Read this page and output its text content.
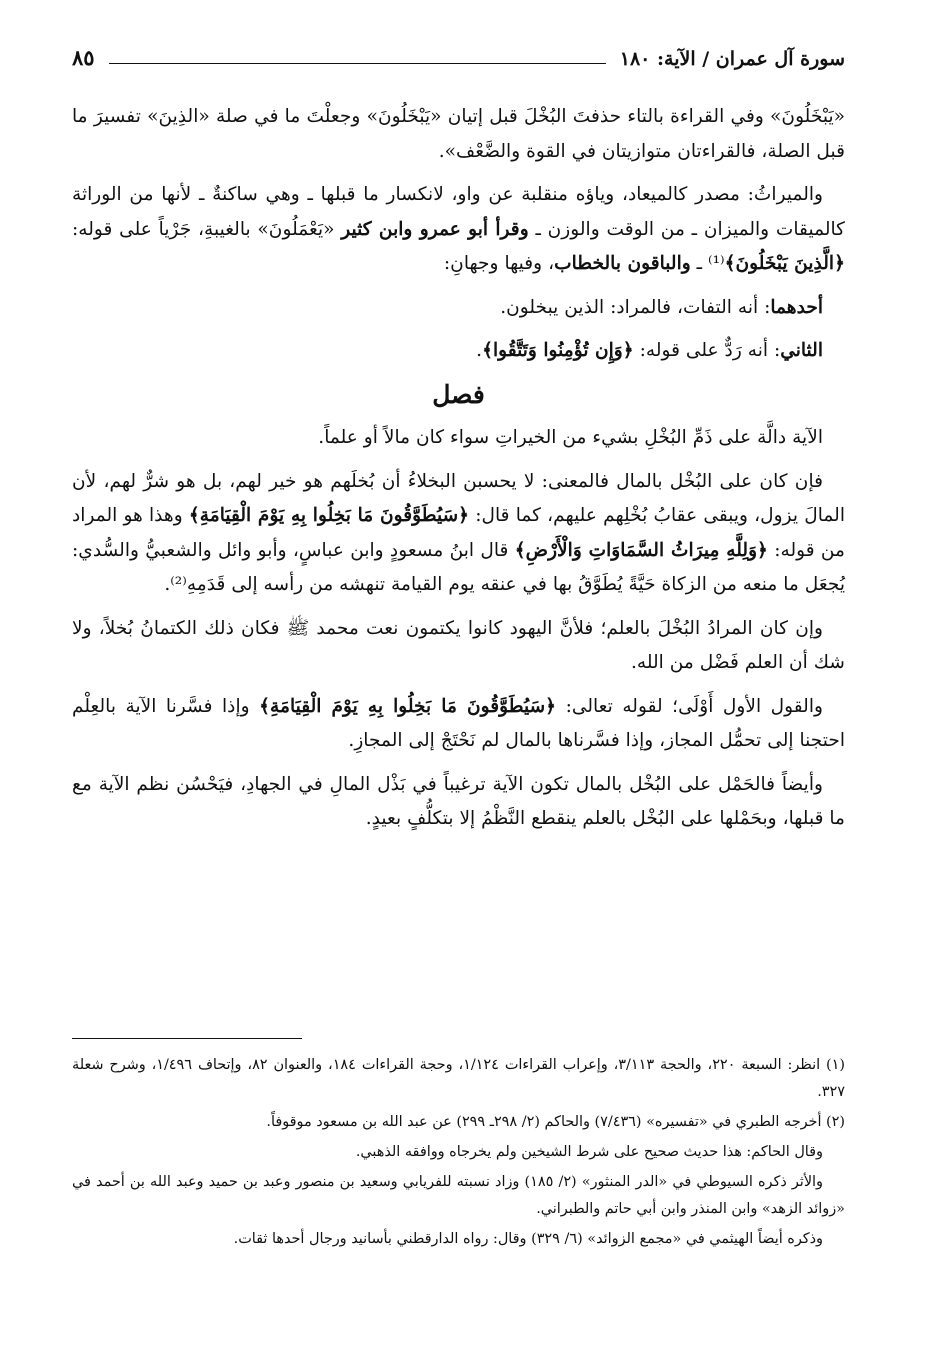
سورة آل عمران / الآية: ١٨٠
٨٥

«يَبْخَلُونَ» وفي القراءة بالتاء حذفتَ البُخْلَ قبل إتيان «يَبْخَلُونَ» وجعلْتَ ما في صلة «الذِينَ» تفسيرَ ما قبل الصلة، فالقراءتان متوازيتان في القوة والضَّعْف».

والميراثُ: مصدر كالميعاد، وياؤه منقلبة عن واو، لانكسار ما قبلها ـ وهي ساكنةٌ ـ لأنها من الوراثة كالميقات والميزان ـ من الوقت والوزن ـ وقرأ أبو عمرو وابن كثير «يَعْمَلُونَ» بالغيبةِ، جَرْياً على قوله: ﴿الَّذِينَ يَبْخَلُونَ﴾⁽¹⁾ ـ والباقون بالخطاب، وفيها وجهانِ:

أحدهما: أنه التفات، فالمراد: الذين يبخلون.

الثاني: أنه رَدٌّ على قوله: ﴿وَإِن تُؤْمِنُوا وَتَتَّقُوا﴾.

فصل

الآية دالَّة على ذَمِّ البُخْلِ بشيء من الخيراتِ سواء كان مالاً أو علماً.

فإن كان على البُخْل بالمال فالمعنى: لا يحسبن البخلاءُ أن بُخلَهم هو خير لهم، بل هو شرٌّ لهم، لأن المالَ يزول، ويبقى عقابُ بُخْلِهم عليهم، كما قال: ﴿سَيُطَوَّقُونَ مَا بَخِلُوا بِهِ يَوْمَ الْقِيَامَةِ﴾ وهذا هو المراد من قوله: ﴿وَلِلَّهِ مِيرَاثُ السَّمَاوَاتِ وَالْأَرْضِ﴾ قال ابنُ مسعودٍ وابن عباسٍ، وأبو وائل والشعبيُّ والسُّدي: يُجعَل ما منعه من الزكاة حَيَّةً يُطَوَّقُ بها في عنقه يوم القيامة تنهشه من رأسه إلى قَدَمِهِ⁽²⁾.

وإن كان المرادُ البُخْلَ بالعلم؛ فلأنَّ اليهود كانوا يكتمون نعت محمد ﷺ فكان ذلك الكتمانُ بُخلاً، ولا شك أن العلم فَضْل من الله.

والقول الأول أَوْلَى؛ لقوله تعالى: ﴿سَيُطَوَّقُونَ مَا بَخِلُوا بِهِ يَوْمَ الْقِيَامَةِ﴾ وإذا فسَّرنا الآية بالعِلْم احتجنا إلى تحمُّل المجاز، وإذا فسَّرناها بالمال لم نَحْتَجْ إلى المجازِ.

وأيضاً فالحَمْل على البُخْل بالمال تكون الآية ترغيباً في بَذْل المالِ في الجهادِ، فيَحْسُن نظم الآية مع ما قبلها، وبحَمْلها على البُخْل بالعلم ينقطع النَّظْمُ إلا بتكلُّفٍ بعيدٍ.

(١) انظر: السبعة ٢٢٠، والحجة ٣/١١٣، وإعراب القراءات ١/١٢٤، وحجة القراءات ١٨٤، والعنوان ٨٢، وإتحاف ١/٤٩٦، وشرح شعلة ٣٢٧.

(٢) أخرجه الطبري في «تفسيره» (٧/٤٣٦) والحاكم (٢/ ٢٩٨ـ ٢٩٩) عن عبد الله بن مسعود موقوفاً.

وقال الحاكم: هذا حديث صحيح على شرط الشيخين ولم يخرجاه ووافقه الذهبي.

والأثر ذكره السيوطي في «الدر المنثور» (٢/ ١٨٥) وزاد نسبته للفريابي وسعيد بن منصور وعبد بن حميد وعبد الله بن أحمد في «زوائد الزهد» وابن المنذر وابن أبي حاتم والطبراني.

وذكره أيضاً الهيثمي في «مجمع الزوائد» (٦/ ٣٢٩) وقال: رواه الدارقطني بأسانيد ورجال أحدها ثقات.
